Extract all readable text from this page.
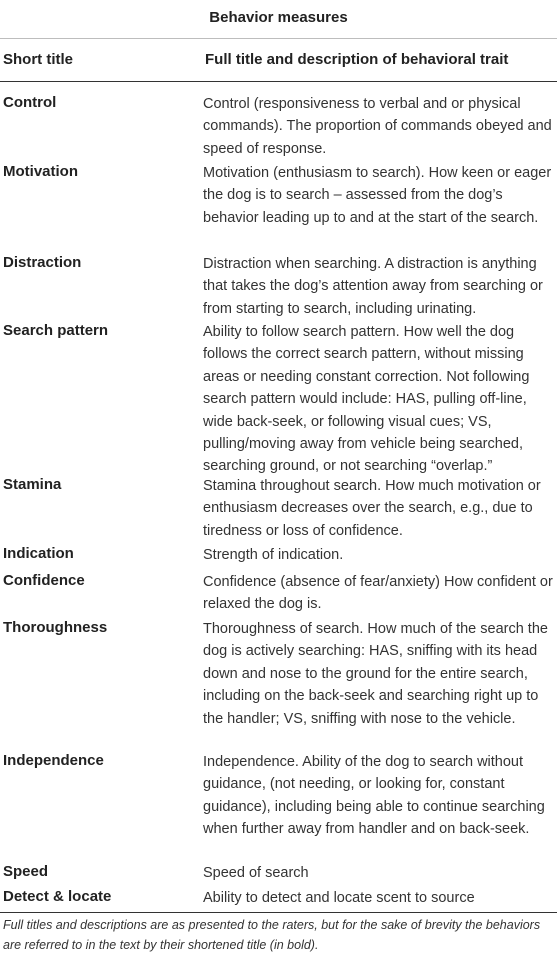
Behavior measures
Short title	Full title and description of behavioral trait
Control	Control (responsiveness to verbal and or physical commands). The proportion of commands obeyed and speed of response.
Motivation	Motivation (enthusiasm to search). How keen or eager the dog is to search – assessed from the dog’s behavior leading up to and at the start of the search.
Distraction	Distraction when searching. A distraction is anything that takes the dog’s attention away from searching or from starting to search, including urinating.
Search pattern	Ability to follow search pattern. How well the dog follows the correct search pattern, without missing areas or needing constant correction. Not following search pattern would include: HAS, pulling off-line, wide back-seek, or following visual cues; VS, pulling/moving away from vehicle being searched, searching ground, or not searching “overlap.”
Stamina	Stamina throughout search. How much motivation or enthusiasm decreases over the search, e.g., due to tiredness or loss of confidence.
Indication	Strength of indication.
Confidence	Confidence (absence of fear/anxiety) How confident or relaxed the dog is.
Thoroughness	Thoroughness of search. How much of the search the dog is actively searching: HAS, sniffing with its head down and nose to the ground for the entire search, including on the back-seek and searching right up to the handler; VS, sniffing with nose to the vehicle.
Independence	Independence. Ability of the dog to search without guidance, (not needing, or looking for, constant guidance), including being able to continue searching when further away from handler and on back-seek.
Speed	Speed of search
Detect & locate	Ability to detect and locate scent to source
Full titles and descriptions are as presented to the raters, but for the sake of brevity the behaviors are referred to in the text by their shortened title (in bold).
